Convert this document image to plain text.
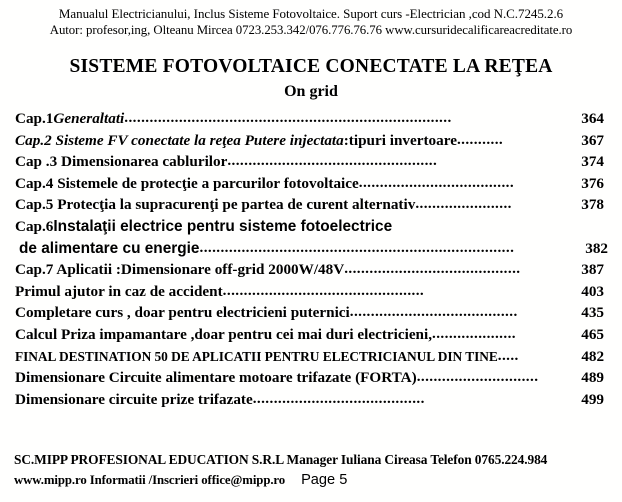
Manualul Electricianului, Inclus Sisteme Fotovoltaice. Suport curs -Electrician ,cod N.C.7245.2.6
Autor: profesor,ing, Olteanu Mircea 0723.253.342/076.776.76.76 www.cursuridecalificareacreditate.ro
SISTEME FOTOVOLTAICE CONECTATE LA REŢEA
On grid
Cap.1 Generaltati ..............................................................................	364
Cap.2 Sisteme FV conectate la reţea Putere injectata :tipuri invertoare ...........	367
Cap .3 Dimensionarea cablurilor ..................................................	374
Cap.4 Sistemele de protecţie a parcurilor fotovoltaice .....................................	376
Cap.5 Protecţia la supracurenţi pe partea de curent alternativ .......................	378
Cap.6 Instalaţii electrice pentru sisteme fotoelectrice
de alimentare cu energie ...........................................................................	382
Cap.7 Aplicatii :Dimensionare off-grid 2000W/48V ..........................................	387
Primul ajutor in caz de accident ................................................	403
Completare curs , doar pentru electricieni puternici ........................................	435
Calcul Priza impamantare ,doar pentru cei mai duri electricieni, ....................	465
FINAL DESTINATION 50 DE APLICATII PENTRU ELECTRICIANUL DIN TINE .....	482
Dimensionare Circuite alimentare motoare trifazate (FORTA) .............................	489
Dimensionare circuite prize trifazate .........................................	499
SC.MIPP PROFESIONAL EDUCATION S.R.L Manager Iuliana Cireasa Telefon 0765.224.984
www.mipp.ro Informatii /Inscrieri office@mipp.ro Page 5
